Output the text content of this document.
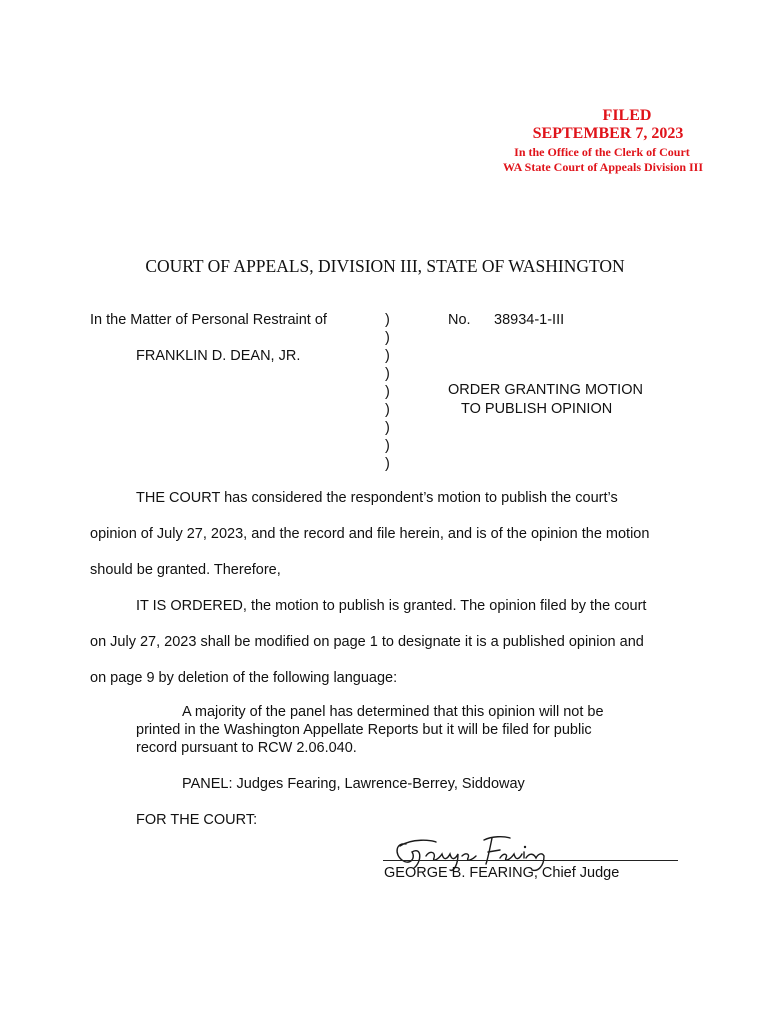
FILED
SEPTEMBER 7, 2023
In the Office of the Clerk of Court
WA State Court of Appeals Division III
COURT OF APPEALS, DIVISION III, STATE OF WASHINGTON
In the Matter of Personal Restraint of
FRANKLIN D. DEAN, JR.
)
)
)
)
)
)
)
)
)
No. 38934-1-III
ORDER GRANTING MOTION
TO PUBLISH OPINION
THE COURT has considered the respondent’s motion to publish the court’s
opinion of July 27, 2023, and the record and file herein, and is of the opinion the motion
should be granted. Therefore,
IT IS ORDERED, the motion to publish is granted. The opinion filed by the court
on July 27, 2023 shall be modified on page 1 to designate it is a published opinion and
on page 9 by deletion of the following language:
A majority of the panel has determined that this opinion will not be
printed in the Washington Appellate Reports but it will be filed for public
record pursuant to RCW 2.06.040.
PANEL: Judges Fearing, Lawrence-Berrey, Siddoway
FOR THE COURT:
GEORGE B. FEARING, Chief Judge
